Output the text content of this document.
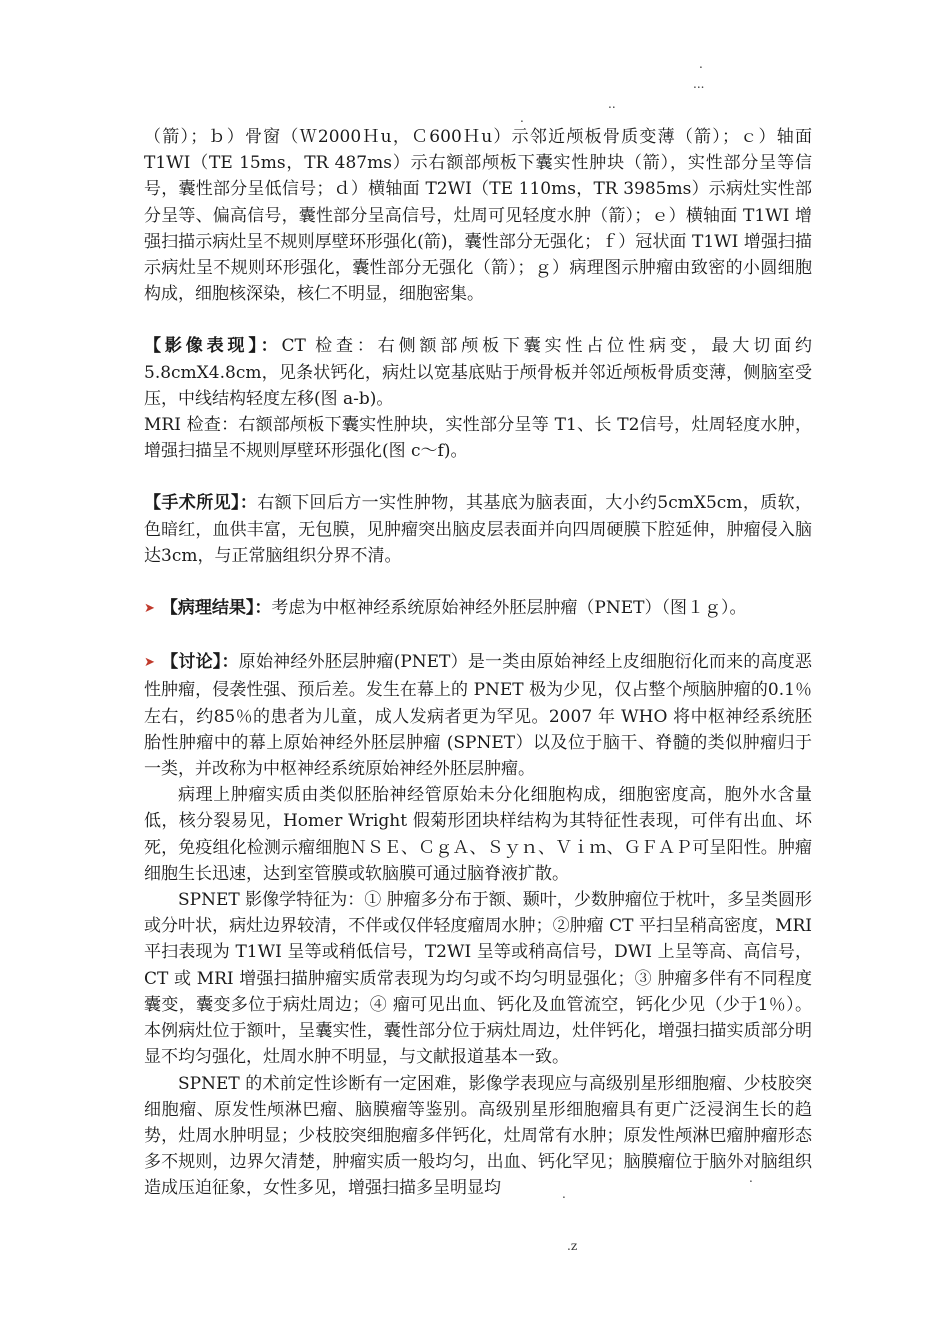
.
...
..
.

（箭）；ｂ）骨窗（Ｗ2000Ｈu，Ｃ600Ｈu）示邻近颅板骨质变薄（箭）；ｃ）轴面 T1WI（TE 15ms，TR 487ms）示右额部颅板下囊实性肿块（箭），实性部分呈等信号，囊性部分呈低信号；ｄ）横轴面 T2WI（TE 110ms，TR 3985ms）示病灶实性部分呈等、偏高信号，囊性部分呈高信号，灶周可见轻度水肿（箭）；ｅ）横轴面 T1WI 增强扫描示病灶呈不规则厚壁环形强化(箭)，囊性部分无强化；ｆ）冠状面 T1WI 增强扫描示病灶呈不规则环形强化，囊性部分无强化（箭）；ｇ）病理图示肿瘤由致密的小圆细胞构成，细胞核深染，核仁不明显，细胞密集。

【影像表现】：CT 检查：右侧额部颅板下囊实性占位性病变，最大切面约 5.8cmX4.8cm，见条状钙化，病灶以宽基底贴于颅骨板并邻近颅板骨质变薄，侧脑室受压，中线结构轻度左移(图 a-b)。

MRI 检查：右额部颅板下囊实性肿块，实性部分呈等 T1、长 T2信号，灶周轻度水肿，增强扫描呈不规则厚壁环形强化(图 c～f)。

【手术所见】：右额下回后方一实性肿物，其基底为脑表面，大小约5cmX5cm，质软，色暗红，血供丰富，无包膜，见肿瘤突出脑皮层表面并向四周硬膜下腔延伸，肿瘤侵入脑达3cm，与正常脑组织分界不清。

➤ 【病理结果】：考虑为中枢神经系统原始神经外胚层肿瘤（PNET）（图１ｇ）。

➤ 【讨论】：原始神经外胚层肿瘤(PNET）是一类由原始神经上皮细胞衍化而来的高度恶性肿瘤，侵袭性强、预后差。发生在幕上的 PNET 极为少见，仅占整个颅脑肿瘤的0.1％左右，约85％的患者为儿童，成人发病者更为罕见。2007 年 WHO 将中枢神经系统胚胎性肿瘤中的幕上原始神经外胚层肿瘤 (SPNET）以及位于脑干、脊髓的类似肿瘤归于一类，并改称为中枢神经系统原始神经外胚层肿瘤。

病理上肿瘤实质由类似胚胎神经管原始未分化细胞构成，细胞密度高，胞外水含量低，核分裂易见，Homer Wright 假菊形团块样结构为其特征性表现，可伴有出血、坏死，免疫组化检测示瘤细胞ＮＳＥ、ＣｇＡ、Ｓｙｎ、Ｖｉｍ、ＧＦＡＰ可呈阳性。肿瘤细胞生长迅速，达到室管膜或软脑膜可通过脑脊液扩散。

SPNET 影像学特征为：① 肿瘤多分布于额、颞叶，少数肿瘤位于枕叶，多呈类圆形或分叶状，病灶边界较清，不伴或仅伴轻度瘤周水肿；②肿瘤 CT 平扫呈稍高密度，MRI 平扫表现为 T1WI 呈等或稍低信号，T2WI 呈等或稍高信号，DWI 上呈等高、高信号，CT 或 MRI 增强扫描肿瘤实质常表现为均匀或不均匀明显强化；③ 肿瘤多伴有不同程度囊变，囊变多位于病灶周边；④ 瘤可见出血、钙化及血管流空，钙化少见（少于1％）。本例病灶位于额叶，呈囊实性，囊性部分位于病灶周边，灶伴钙化，增强扫描实质部分明显不均匀强化，灶周水肿不明显，与文献报道基本一致。

SPNET 的术前定性诊断有一定困难，影像学表现应与高级别星形细胞瘤、少枝胶突细胞瘤、原发性颅淋巴瘤、脑膜瘤等鉴别。高级别星形细胞瘤具有更广泛浸润生长的趋势，灶周水肿明显；少枝胶突细胞瘤多伴钙化，灶周常有水肿；原发性颅淋巴瘤肿瘤形态多不规则，边界欠清楚，肿瘤实质一般均匀，出血、钙化罕见；脑膜瘤位于脑外对脑组织造成压迫征象，女性多见，增强扫描多呈明显均

.
.
.z
